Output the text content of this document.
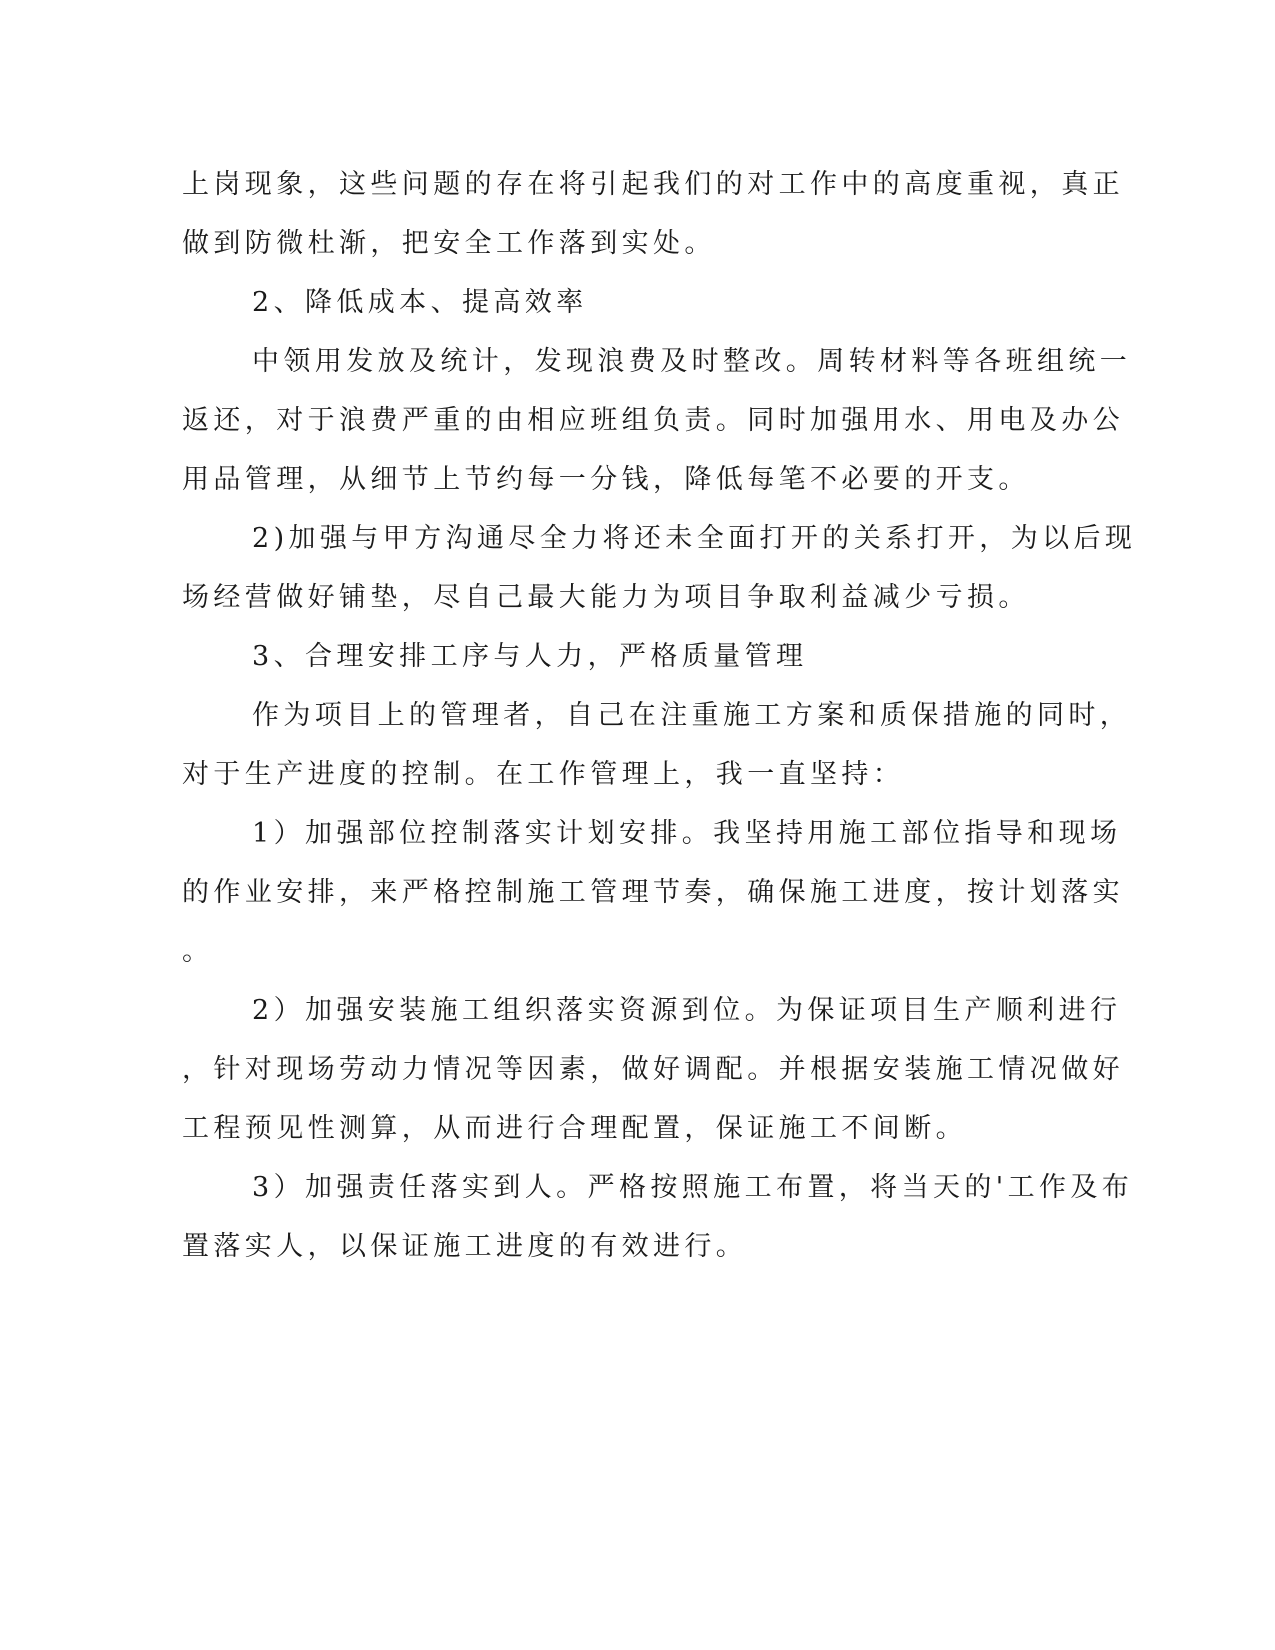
上岗现象，这些问题的存在将引起我们的对工作中的高度重视，真正
做到防微杜渐，把安全工作落到实处。
2、降低成本、提高效率
中领用发放及统计，发现浪费及时整改。周转材料等各班组统一
返还，对于浪费严重的由相应班组负责。同时加强用水、用电及办公
用品管理，从细节上节约每一分钱，降低每笔不必要的开支。
2)加强与甲方沟通尽全力将还未全面打开的关系打开，为以后现
场经营做好铺垫，尽自己最大能力为项目争取利益减少亏损。
3、合理安排工序与人力，严格质量管理
作为项目上的管理者，自己在注重施工方案和质保措施的同时，
对于生产进度的控制。在工作管理上，我一直坚持：
1）加强部位控制落实计划安排。我坚持用施工部位指导和现场
的作业安排，来严格控制施工管理节奏，确保施工进度，按计划落实
。
2）加强安装施工组织落实资源到位。为保证项目生产顺利进行
，针对现场劳动力情况等因素，做好调配。并根据安装施工情况做好
工程预见性测算，从而进行合理配置，保证施工不间断。
3）加强责任落实到人。严格按照施工布置，将当天的'工作及布
置落实人，以保证施工进度的有效进行。
